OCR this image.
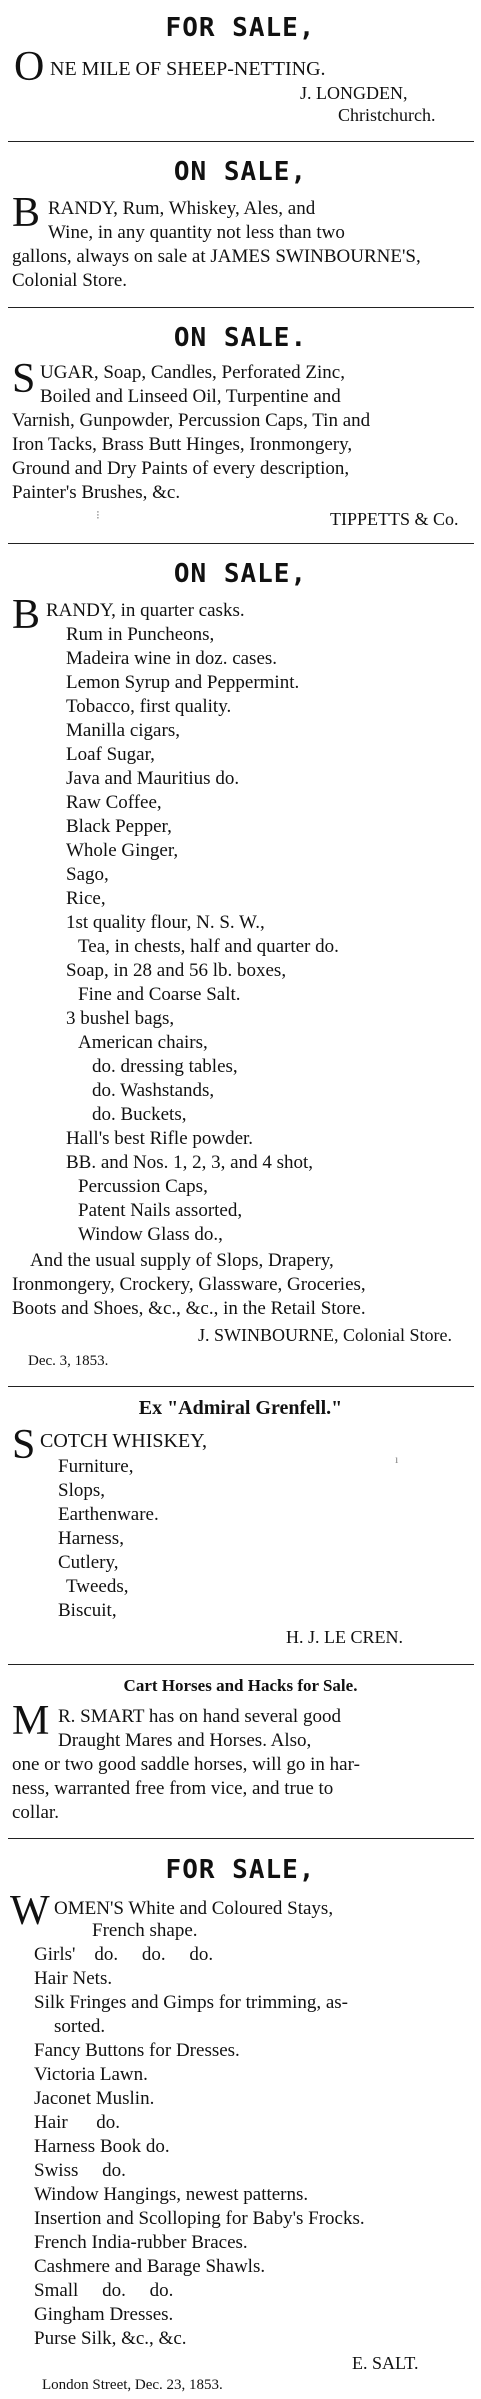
FOR SALE,
O NE MILE OF SHEEP-NETTING.
J. LONGDEN,
Christchurch.
ON SALE,
B RANDY, Rum, Whiskey, Ales, and
Wine, in any quantity not less than two
gallons, always on sale at JAMES SWINBOURNE'S,
Colonial Store.
ON SALE.
S UGAR, Soap, Candles, Perforated Zinc,
Boiled and Linseed Oil, Turpentine and
Varnish, Gunpowder, Percussion Caps, Tin and
Iron Tacks, Brass Butt Hinges, Ironmongery,
Ground and Dry Paints of every description,
Painter's Brushes, &c.
TIPPETTS & Co.
⁝
ON SALE,
B RANDY, in quarter casks.
Rum in Puncheons,
Madeira wine in doz. cases.
Lemon Syrup and Peppermint.
Tobacco, first quality.
Manilla cigars,
Loaf Sugar,
Java and Mauritius do.
Raw Coffee,
Black Pepper,
Whole Ginger,
Sago,
Rice,
1st quality flour, N. S. W.,
Tea, in chests, half and quarter do.
Soap, in 28 and 56 lb. boxes,
Fine and Coarse Salt.
3 bushel bags,
American chairs,
do. dressing tables,
do. Washstands,
do. Buckets,
Hall's best Rifle powder.
BB. and Nos. 1, 2, 3, and 4 shot,
Percussion Caps,
Patent Nails assorted,
Window Glass do.,
And the usual supply of Slops, Drapery,
Ironmongery, Crockery, Glassware, Groceries,
Boots and Shoes, &c., &c., in the Retail Store.
J. SWINBOURNE, Colonial Store.
Dec. 3, 1853.
Ex "Admiral Grenfell."
S COTCH WHISKEY,
Furniture,
Slops,
Earthenware.
Harness,
Cutlery,
Tweeds,
Biscuit,
ı
H. J. LE CREN.
Cart Horses and Hacks for Sale.
M R. SMART has on hand several good
Draught Mares and Horses. Also,
one or two good saddle horses, will go in har-
ness, warranted free from vice, and true to
collar.
FOR SALE,
W OMEN'S White and Coloured Stays,
French shape.
Girls'    do.     do.     do.
Hair Nets.
Silk Fringes and Gimps for trimming, as-
sorted.
Fancy Buttons for Dresses.
Victoria Lawn.
Jaconet Muslin.
Hair      do.
Harness Book do.
Swiss     do.
Window Hangings, newest patterns.
Insertion and Scolloping for Baby's Frocks.
French India-rubber Braces.
Cashmere and Barage Shawls.
Small     do.     do.
Gingham Dresses.
Purse Silk, &c., &c.
E. SALT.
London Street, Dec. 23, 1853.
